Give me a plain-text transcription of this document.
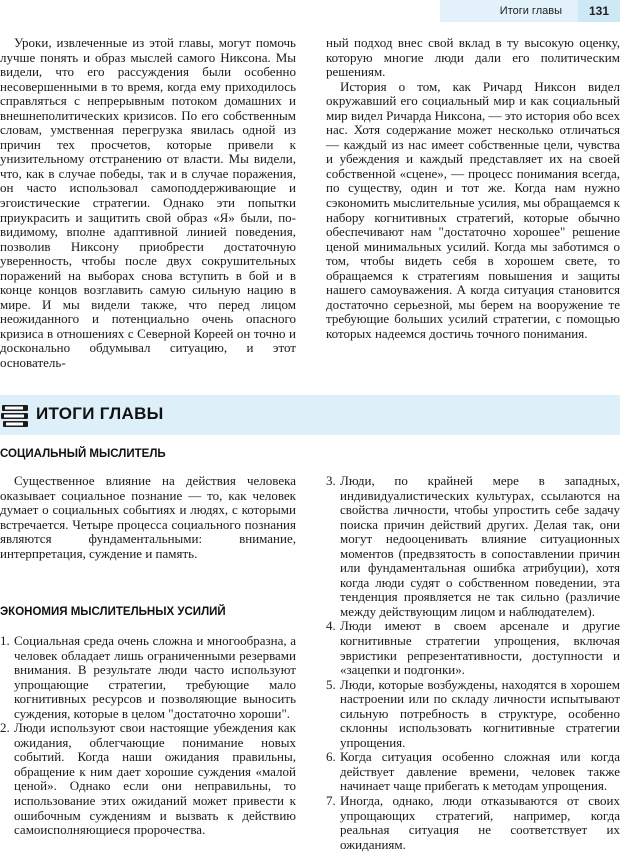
Итоги главы	131

Уроки, извлеченные из этой главы, могут помочь лучше понять и образ мыслей самого Никсона. Мы видели, что его рассуждения были особенно несовершенными в то время, когда ему приходилось справляться с непрерывным потоком домашних и внешнеполитических кризисов. По его собственным словам, умственная перегрузка явилась одной из причин тех просчетов, которые привели к унизительному отстранению от власти. Мы видели, что, как в случае победы, так и в случае поражения, он часто использовал самоподдерживающие и эгоистические стратегии. Однако эти попытки приукрасить и защитить свой образ «Я» были, по-видимому, вполне адаптивной линией поведения, позволив Никсону приобрести достаточную уверенность, чтобы после двух сокрушительных поражений на выборах снова вступить в бой и в конце концов возглавить самую сильную нацию в мире. И мы видели также, что перед лицом неожиданного и потенциально очень опасного кризиса в отношениях с Северной Кореей он точно и досконально обдумывал ситуацию, и этот основатель-

ный подход внес свой вклад в ту высокую оценку, которую многие люди дали его политическим решениям.

История о том, как Ричард Никсон видел окружавший его социальный мир и как социальный мир видел Ричарда Никсона, — это история обо всех нас. Хотя содержание может несколько отличаться — каждый из нас имеет собственные цели, чувства и убеждения и каждый представляет их на своей собственной «сцене», — процесс понимания всегда, по существу, один и тот же. Когда нам нужно сэкономить мыслительные усилия, мы обращаемся к набору когнитивных стратегий, которые обычно обеспечивают нам "достаточно хорошее" решение ценой минимальных усилий. Когда мы заботимся о том, чтобы видеть себя в хорошем свете, то обращаемся к стратегиям повышения и защиты нашего самоуважения. А когда ситуация становится достаточно серьезной, мы берем на вооружение те требующие больших усилий стратегии, с помощью которых надеемся достичь точного понимания.

ИТОГИ ГЛАВЫ
СОЦИАЛЬНЫЙ МЫСЛИТЕЛЬ

Существенное влияние на действия человека оказывает социальное познание — то, как человек думает о социальных событиях и людях, с которыми встречается. Четыре процесса социального познания являются фундаментальными: внимание, интерпретация, суждение и память.

ЭКОНОМИЯ МЫСЛИТЕЛЬНЫХ УСИЛИЙ
1. Социальная среда очень сложна и многообразна, а человек обладает лишь ограниченными резервами внимания. В результате люди часто используют упрощающие стратегии, требующие мало когнитивных ресурсов и позволяющие выносить суждения, которые в целом "достаточно хороши".
2. Люди используют свои настоящие убеждения как ожидания, облегчающие понимание новых событий. Когда наши ожидания правильны, обращение к ним дает хорошие суждения «малой ценой». Однако если они неправильны, то использование этих ожиданий может привести к ошибочным суждениям и вызвать к действию самоисполняющиеся пророчества.
3. Люди, по крайней мере в западных, индивидуалистических культурах, ссылаются на свойства личности, чтобы упростить себе задачу поиска причин действий других. Делая так, они могут недооценивать влияние ситуационных моментов (предвзятость в сопоставлении причин или фундаментальная ошибка атрибуции), хотя когда люди судят о собственном поведении, эта тенденция проявляется не так сильно (различие между действующим лицом и наблюдателем).
4. Люди имеют в своем арсенале и другие когнитивные стратегии упрощения, включая эвристики репрезентативности, доступности и «зацепки и подгонки».
5. Люди, которые возбуждены, находятся в хорошем настроении или по складу личности испытывают сильную потребность в структуре, особенно склонны использовать когнитивные стратегии упрощения.
6. Когда ситуация особенно сложная или когда действует давление времени, человек также начинает чаще прибегать к методам упрощения.
7. Иногда, однако, люди отказываются от своих упрощающих стратегий, например, когда реальная ситуация не соответствует их ожиданиям.
